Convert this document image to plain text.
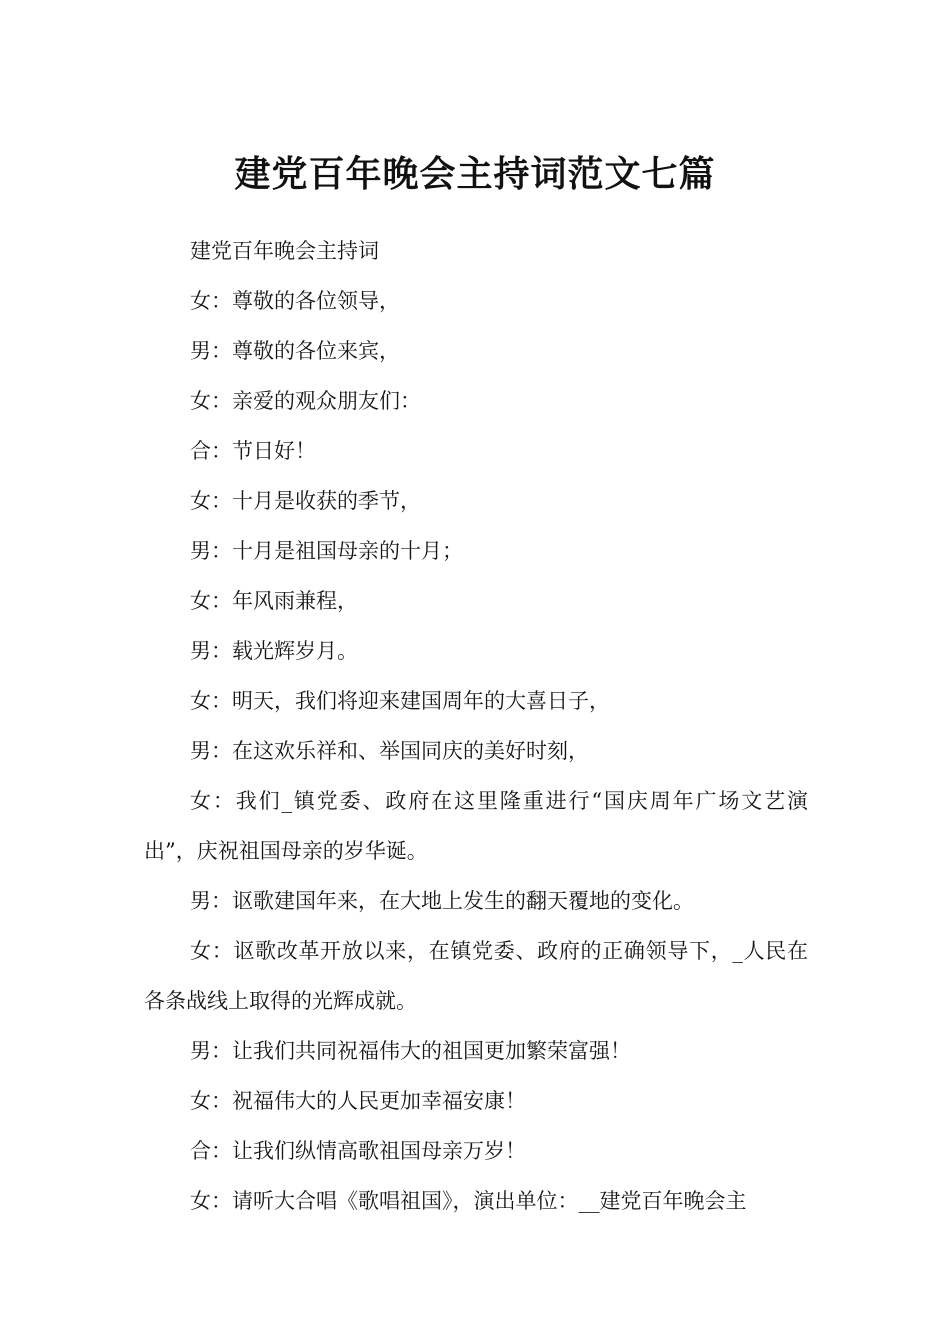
建党百年晚会主持词范文七篇

建党百年晚会主持词

女：尊敬的各位领导，

男：尊敬的各位来宾，

女：亲爱的观众朋友们：

合：节日好！

女：十月是收获的季节，

男：十月是祖国母亲的十月；

女：年风雨兼程，

男：载光辉岁月。

女：明天，我们将迎来建国周年的大喜日子，

男：在这欢乐祥和、举国同庆的美好时刻，

女：我们_镇党委、政府在这里隆重进行“国庆周年广场文艺演出”，庆祝祖国母亲的岁华诞。

男：讴歌建国年来，在大地上发生的翻天覆地的变化。

女：讴歌改革开放以来，在镇党委、政府的正确领导下，_人民在各条战线上取得的光辉成就。

男：让我们共同祝福伟大的祖国更加繁荣富强！

女：祝福伟大的人民更加幸福安康！

合：让我们纵情高歌祖国母亲万岁！

女：请听大合唱《歌唱祖国》，演出单位：__建党百年晚会主
